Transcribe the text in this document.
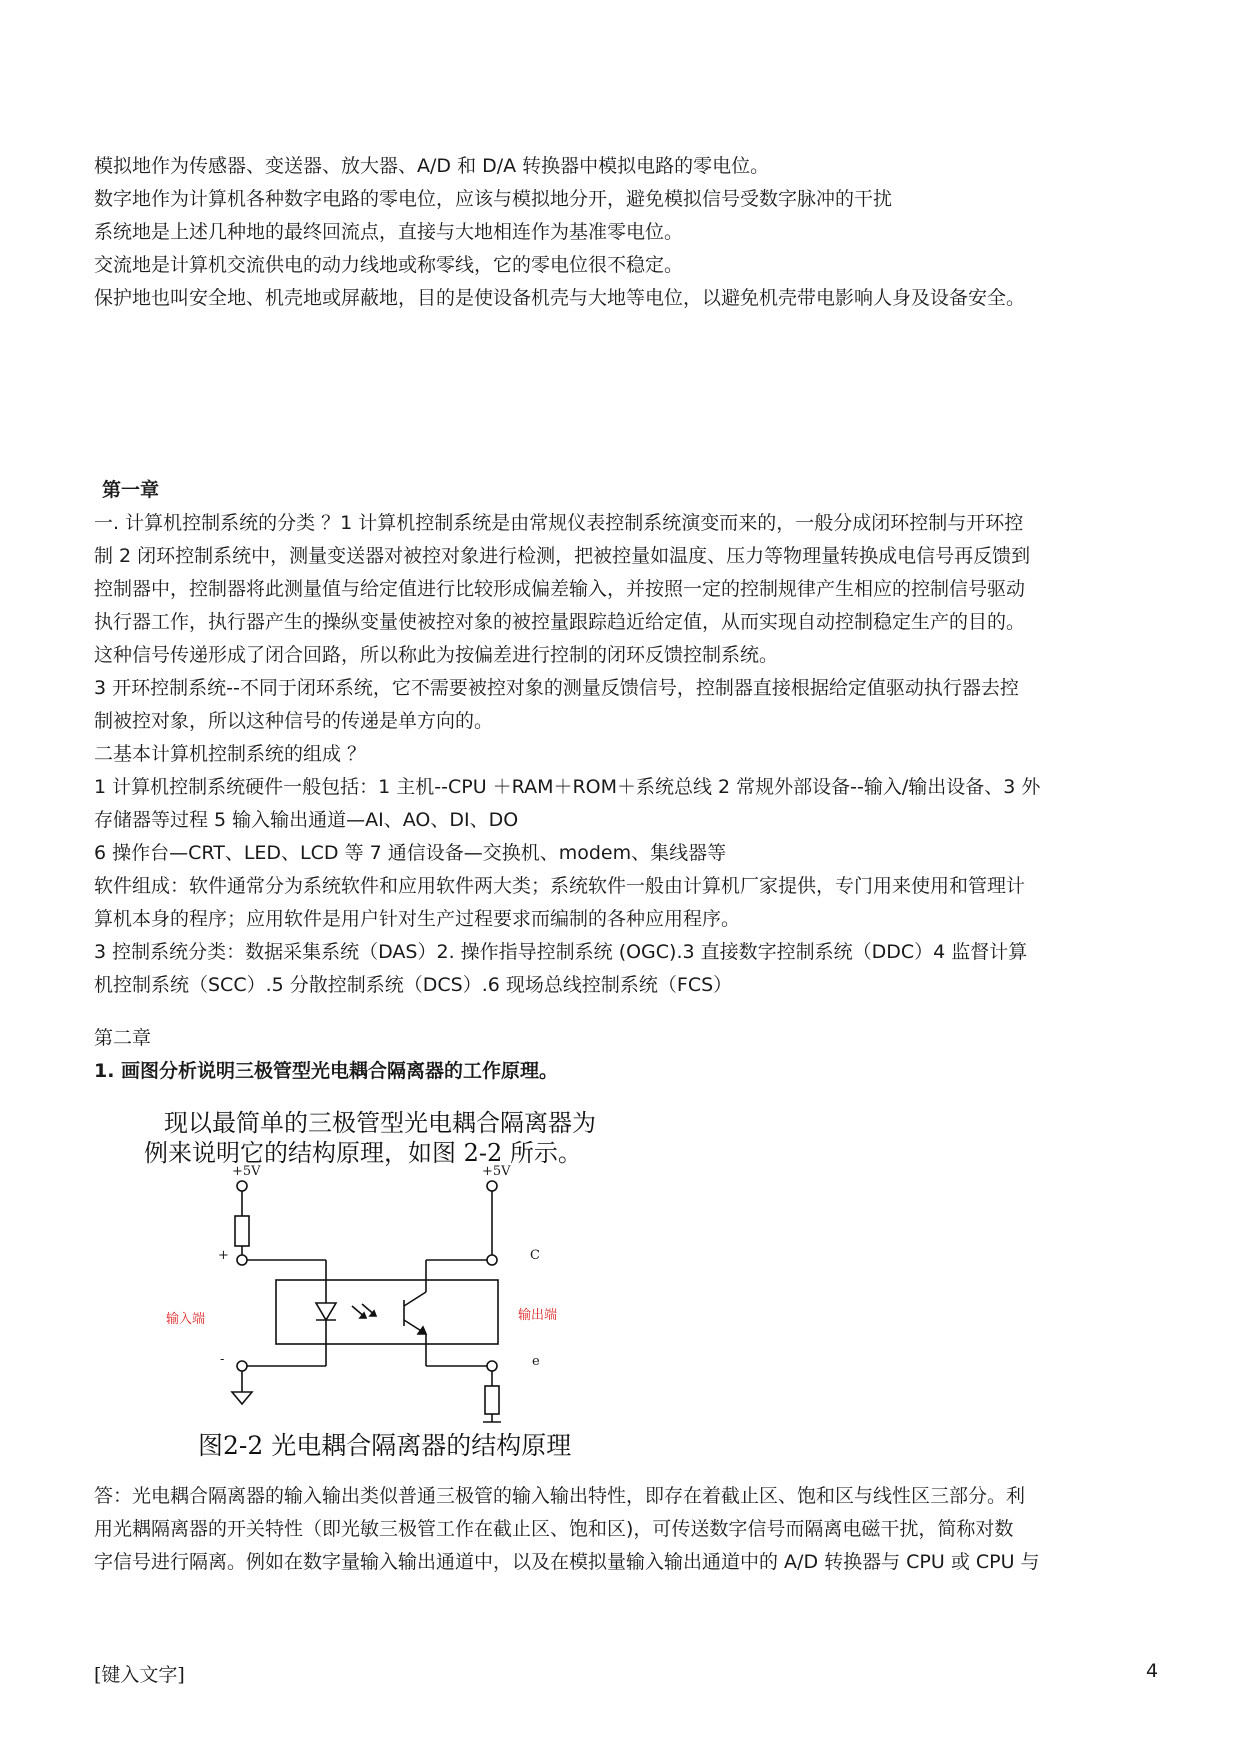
模拟地作为传感器、变送器、放大器、A/D 和 D/A 转换器中模拟电路的零电位。

数字地作为计算机各种数字电路的零电位，应该与模拟地分开，避免模拟信号受数字脉冲的干扰

系统地是上述几种地的最终回流点，直接与大地相连作为基准零电位。

交流地是计算机交流供电的动力线地或称零线，它的零电位很不稳定。

保护地也叫安全地、机壳地或屏蔽地，目的是使设备机壳与大地等电位，以避免机壳带电影响人身及设备安全。

第一章

一. 计算机控制系统的分类 ？1 计算机控制系统是由常规仪表控制系统演变而来的，一般分成闭环控制与开环控

制 2 闭环控制系统中，测量变送器对被控对象进行检测，把被控量如温度、压力等物理量转换成电信号再反馈到

控制器中，控制器将此测量值与给定值进行比较形成偏差输入，并按照一定的控制规律产生相应的控制信号驱动

执行器工作，执行器产生的操纵变量使被控对象的被控量跟踪趋近给定值，从而实现自动控制稳定生产的目的。

这种信号传递形成了闭合回路，所以称此为按偏差进行控制的闭环反馈控制系统。

3 开环控制系统--不同于闭环系统，它不需要被控对象的测量反馈信号，控制器直接根据给定值驱动执行器去控

制被控对象，所以这种信号的传递是单方向的。

二基本计算机控制系统的组成 ？

1 计算机控制系统硬件一般包括：1 主机--CPU ＋RAM＋ROM＋系统总线 2 常规外部设备--输入/输出设备、3 外

存储器等过程 5 输入输出通道—AI、AO、DI、DO

6 操作台—CRT、LED、LCD 等 7 通信设备—交换机、modem、集线器等

软件组成：软件通常分为系统软件和应用软件两大类；系统软件一般由计算机厂家提供，专门用来使用和管理计

算机本身的程序；应用软件是用户针对生产过程要求而编制的各种应用程序。

3 控制系统分类：数据采集系统（DAS）2. 操作指导控制系统 (OGC).3 直接数字控制系统（DDC）4 监督计算

机控制系统（SCC）.5 分散控制系统（DCS）.6 现场总线控制系统（FCS）

第二章

1. 画图分析说明三极管型光电耦合隔离器的工作原理。

现以最简单的三极管型光电耦合隔离器为
例来说明它的结构原理，如图 2-2 所示。
+5V	+5V
+
-
C
e
输入端	输出端
图2-2 光电耦合隔离器的结构原理

答：光电耦合隔离器的输入输出类似普通三极管的输入输出特性，即存在着截止区、饱和区与线性区三部分。利

用光耦隔离器的开关特性（即光敏三极管工作在截止区、饱和区)，可传送数字信号而隔离电磁干扰，简称对数

字信号进行隔离。例如在数字量输入输出通道中，以及在模拟量输入输出通道中的 A/D 转换器与 CPU 或 CPU 与

[键入文字]	4
